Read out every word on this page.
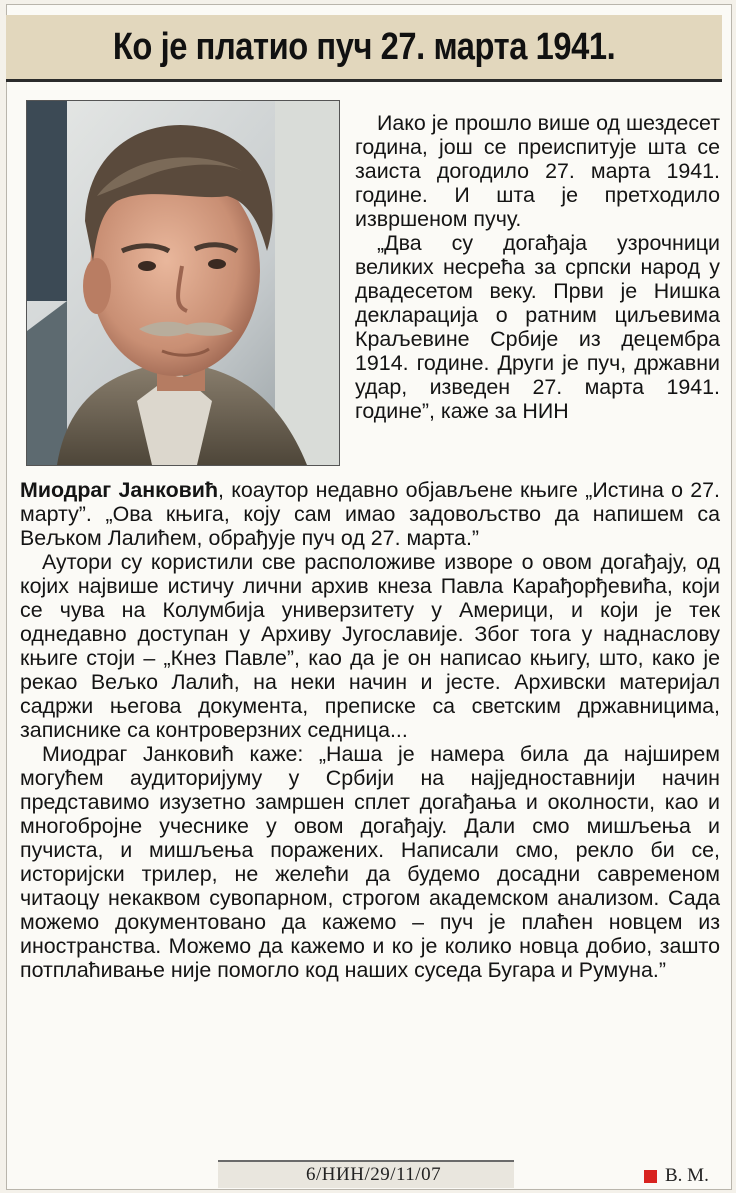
Ко је платио пуч 27. марта 1941.

Иако је прошло више од шездесет година, још се преиспитује шта се заиста догодило 27. марта 1941. године. И шта је претходило извршеном пучу.

„Два су догађаја узрочници великих несрећа за српски народ у двадесетом веку. Први је Нишка декларација о ратним циљевима Краљевине Србије из децембра 1914. године. Други је пуч, државни удар, изведен 27. марта 1941. године”, каже за НИН

Миодраг Јанковић, коаутор недавно објављене књиге „Истина о 27. марту”. „Ова књига, коју сам имао задовољство да напишем са Вељком Лалићем, обрађује пуч од 27. марта.”

Аутори су користили све расположиве изворе о овом догађају, од којих највише истичу лични архив кнеза Павла Карађорђевића, који се чува на Колумбија универзитету у Америци, и који је тек однедавно доступан у Архиву Југославије. Због тога у наднаслову књиге стоји – „Кнез Павле”, као да је он написао књигу, што, како је рекао Вељко Лалић, на неки начин и јесте. Архивски материјал садржи његова документа, преписке са светским државницима, записнике са контроверзних седница...

Миодраг Јанковић каже: „Наша је намера била да најширем могућем аудиторијуму у Србији на најједноставнији начин представимо изузетно замршен сплет догађања и околности, као и многобројне учеснике у овом догађају. Дали смо мишљења и пучиста, и мишљења поражених. Написали смо, рекло би се, историјски трилер, не желећи да будемо досадни савременом читаоцу некаквом сувопарном, строгом академском анализом. Сада можемо документовано да кажемо – пуч је плаћен новцем из иностранства. Можемо да кажемо и ко је колико новца добио, зашто потплаћивање није помогло код наших суседа Бугара и Румуна.”

6/НИН/29/11/07	В. М.
